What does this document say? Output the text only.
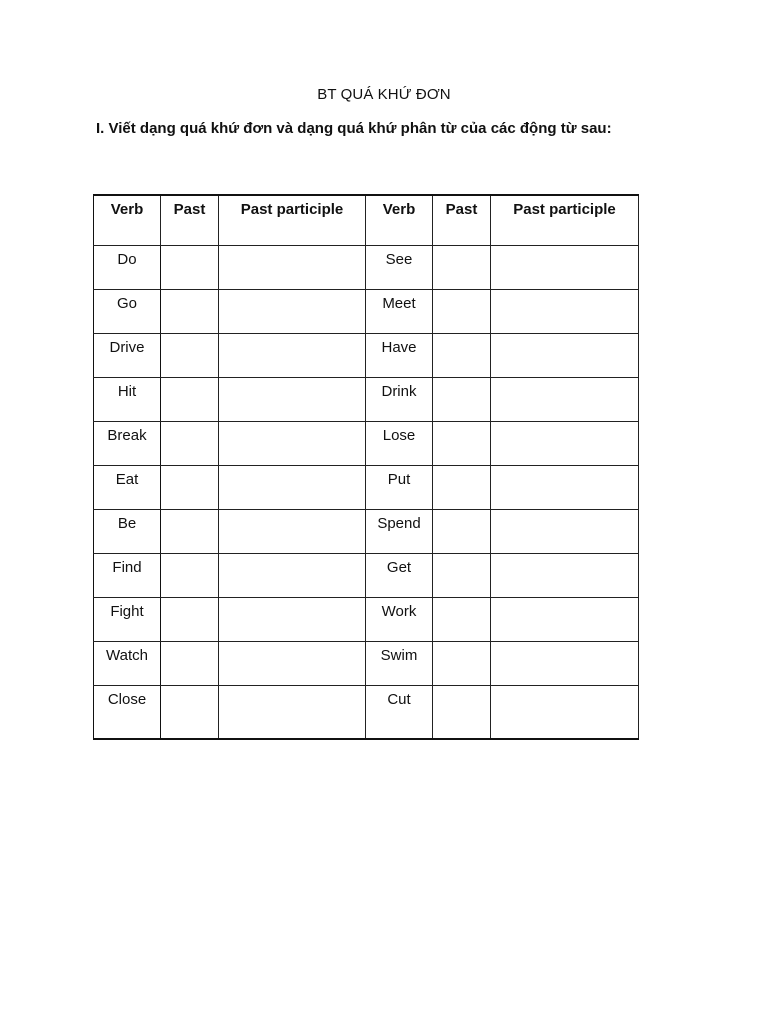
BT QUÁ KHỨ ĐƠN
I. Viết dạng quá khứ đơn và dạng quá khứ phân từ của các động từ sau:
Verb	Past	Past participle	Verb	Past	Past participle
Do			See		
Go			Meet		
Drive			Have		
Hit			Drink		
Break			Lose		
Eat			Put		
Be			Spend		
Find			Get		
Fight			Work		
Watch			Swim		
Close			Cut		
